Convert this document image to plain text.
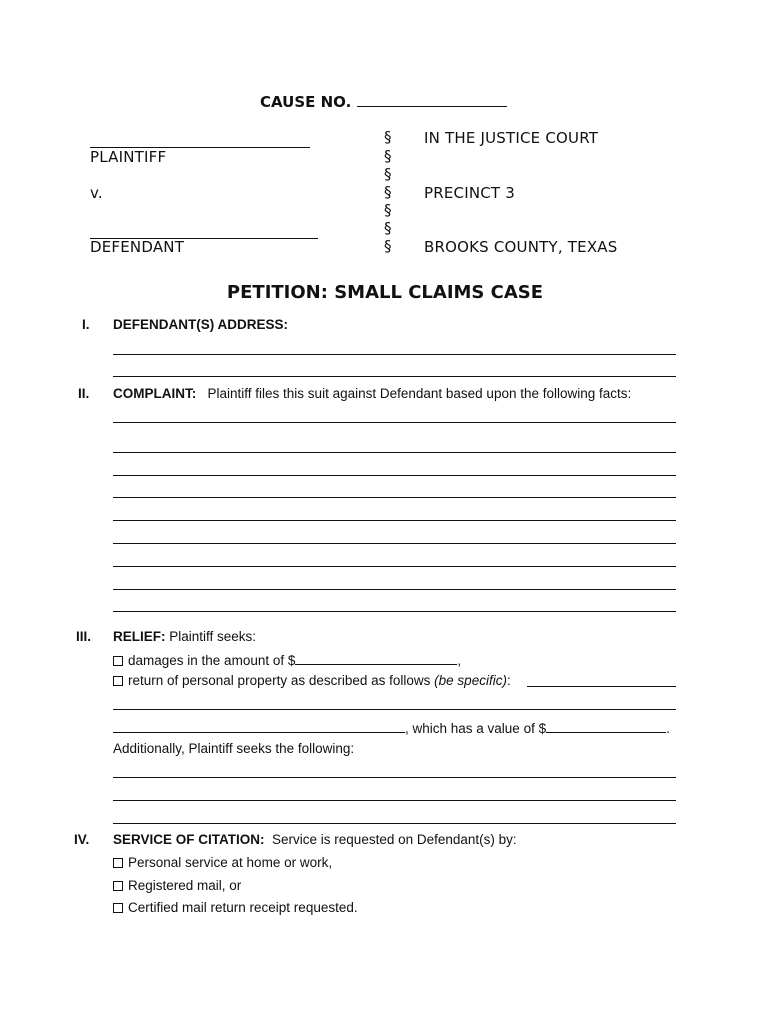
CAUSE NO.
PLAINTIFF
v.
DEFENDANT
§
§
§
§
§
§
§
IN THE JUSTICE COURT
PRECINCT 3
BROOKS COUNTY, TEXAS
PETITION: SMALL CLAIMS CASE
I. DEFENDANT(S) ADDRESS:
II. COMPLAINT: Plaintiff files this suit against Defendant based upon the following facts:
III. RELIEF: Plaintiff seeks:
damages in the amount of $	,
return of personal property as described as follows (be specific):
, which has a value of $	.
Additionally, Plaintiff seeks the following:
IV. SERVICE OF CITATION: Service is requested on Defendant(s) by:
Personal service at home or work,
Registered mail, or
Certified mail return receipt requested.
